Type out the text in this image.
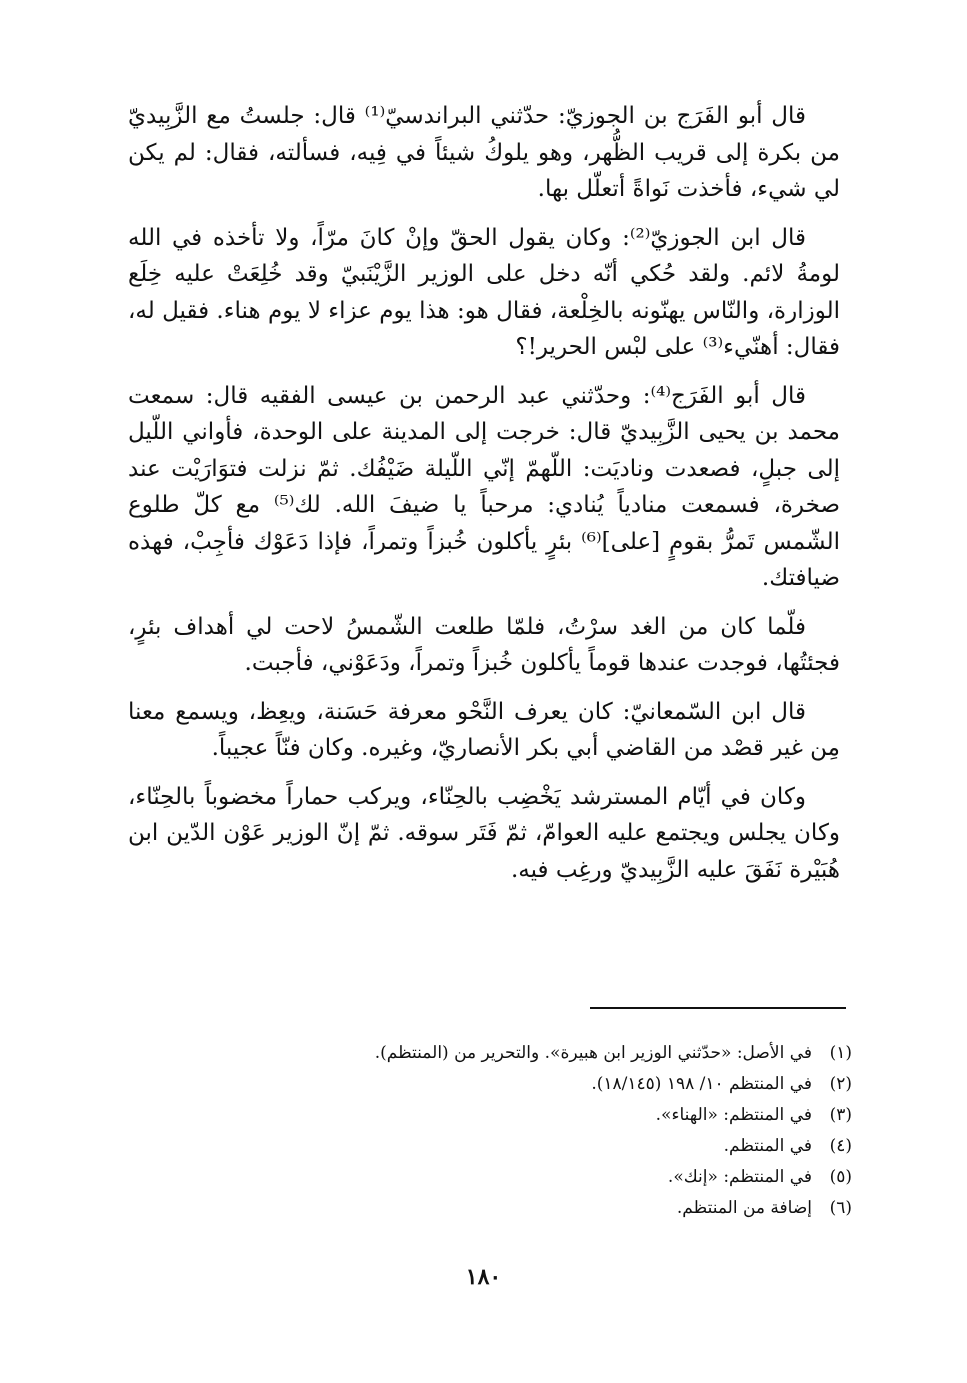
قال أبو الفَرَج بن الجوزيّ: حدّثني البراندسيّ⁽¹⁾ قال: جلستُ مع الزَّبِيديّ من بكرة إلى قريب الظُّهر، وهو يلوكُ شيئاً في فِيه، فسألته، فقال: لم يكن لي شيء، فأخذت نَواةً أتعلّل بها.

قال ابن الجوزيّ⁽²⁾: وكان يقول الحقّ وإنْ كانَ مرّاً، ولا تأخذه في الله لومةُ لائم. ولقد حُكي أنّه دخل على الوزير الزَّيْنَبيّ وقد خُلِعَتْ عليه خِلَع الوزارة، والنّاس يهنّونه بالخِلْعة، فقال هو: هذا يوم عزاء لا يوم هناء. فقيل له، فقال: أهنّيء⁽³⁾ على لبْس الحرير!؟

قال أبو الفَرَج⁽⁴⁾: وحدّثني عبد الرحمن بن عيسى الفقيه قال: سمعت محمد بن يحيى الزَّبِيديّ قال: خرجت إلى المدينة على الوحدة، فأواني اللّيل إلى جبلٍ، فصعدت وناديَت: اللّهمّ إنّي اللّيلة ضَيْفُك. ثمّ نزلت فتوَارَيْت عند صخرة، فسمعت منادياً يُنادي: مرحباً يا ضيفَ الله. لك⁽⁵⁾ مع كلّ طلوع الشّمس تَمرُّ بقومٍ [على]⁽⁶⁾ بئرٍ يأكلون خُبزاً وتمراً، فإذا دَعَوْك فأجِبْ، فهذه ضيافتك.

فلّما كان من الغد سرْتُ، فلمّا طلعت الشّمسُ لاحت لي أهداف بئرٍ، فجئتُها، فوجدت عندها قوماً يأكلون خُبزاً وتمراً، ودَعَوْني، فأجبت.

قال ابن السّمعانيّ: كان يعرف النَّحْو معرفة حَسَنة، ويعِظ، ويسمع معنا مِن غير قصْد من القاضي أبي بكر الأنصاريّ، وغيره. وكان فنّاً عجيباً.

وكان في أيّام المسترشد يَخْضِب بالحِنّاء، ويركب حماراً مخضوباً بالحِنّاء، وكان يجلس ويجتمع عليه العوامّ، ثمّ فَتَر سوقه. ثمّ إنّ الوزير عَوْن الدّين ابن هُبَيْرة نَفَقَ عليه الزَّبِيديّ ورغِب فيه.

(١)
في الأصل: «حدّثني الوزير ابن هبيرة». والتحرير من (المنتظم).
(٢)
في المنتظم ١٠/ ١٩٨ (١٨/١٤٥).
(٣)
في المنتظم: «الهناء».
(٤)
في المنتظم.
(٥)
في المنتظم: «إنك».
(٦)
إضافة من المنتظم.
١٨٠
